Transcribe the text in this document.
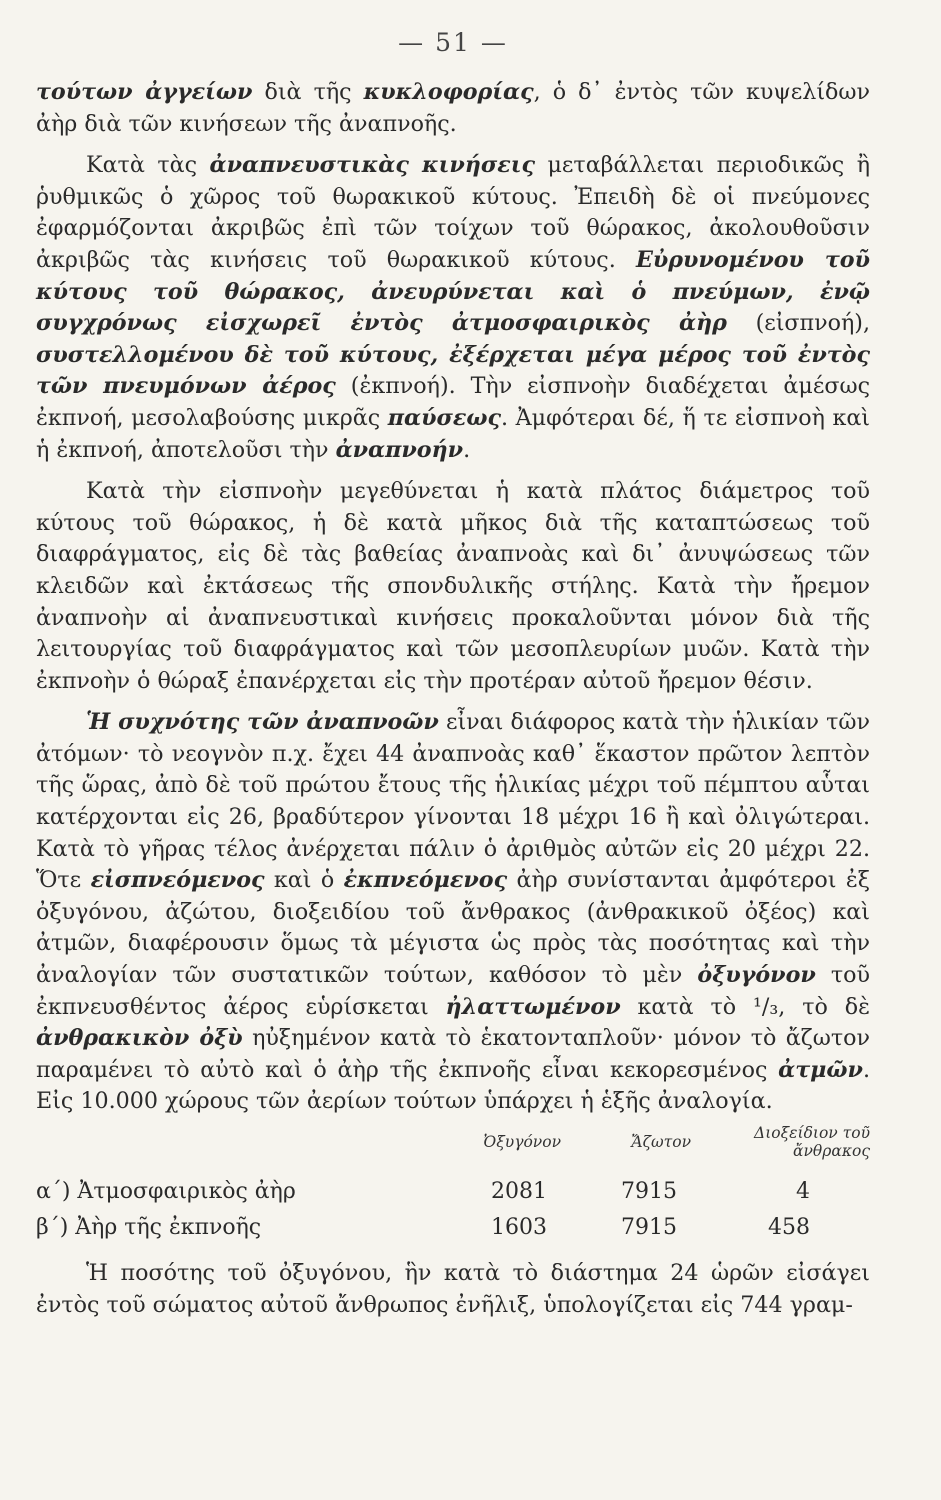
— 51 —

τούτων ἀγγείων διὰ τῆς κυκλοφορίας, ὁ δ᾽ ἐντὸς τῶν κυψελίδων ἀὴρ διὰ τῶν κινήσεων τῆς ἀναπνοῆς.

Κατὰ τὰς ἀναπνευστικὰς κινήσεις μεταβάλλεται περιοδικῶς ἢ ῥυθμικῶς ὁ χῶρος τοῦ θωρακικοῦ κύτους. Ἐπειδὴ δὲ οἱ πνεύμονες ἐφαρμόζονται ἀκριβῶς ἐπὶ τῶν τοίχων τοῦ θώρακος, ἀκολουθοῦσιν ἀκριβῶς τὰς κινήσεις τοῦ θωρακικοῦ κύτους. Εὐρυνομένου τοῦ κύτους τοῦ θώρακος, ἀνευρύνεται καὶ ὁ πνεύμων, ἐνῷ συγχρόνως εἰσχωρεῖ ἐντὸς ἀτμοσφαιρικὸς ἀὴρ (εἰσπνοή), συστελλομένου δὲ τοῦ κύτους, ἐξέρχεται μέγα μέρος τοῦ ἐντὸς τῶν πνευμόνων ἀέρος (ἐκπνοή). Τὴν εἰσπνοὴν διαδέχεται ἀμέσως ἐκπνοή, μεσολαβούσης μικρᾶς παύσεως. Ἀμφότεραι δέ, ἥ τε εἰσπνοὴ καὶ ἡ ἐκπνοή, ἀποτελοῦσι τὴν ἀναπνοήν.

Κατὰ τὴν εἰσπνοὴν μεγεθύνεται ἡ κατὰ πλάτος διάμετρος τοῦ κύτους τοῦ θώρακος, ἡ δὲ κατὰ μῆκος διὰ τῆς καταπτώσεως τοῦ διαφράγματος, εἰς δὲ τὰς βαθείας ἀναπνοὰς καὶ δι᾽ ἀνυψώσεως τῶν κλειδῶν καὶ ἐκτάσεως τῆς σπονδυλικῆς στήλης. Κατὰ τὴν ἤρεμον ἀναπνοὴν αἱ ἀναπνευστικαὶ κινήσεις προκαλοῦνται μόνον διὰ τῆς λειτουργίας τοῦ διαφράγματος καὶ τῶν μεσοπλευρίων μυῶν. Κατὰ τὴν ἐκπνοὴν ὁ θώραξ ἐπανέρχεται εἰς τὴν προτέραν αὐτοῦ ἤρεμον θέσιν.

Ἡ συχνότης τῶν ἀναπνοῶν εἶναι διάφορος κατὰ τὴν ἡλικίαν τῶν ἀτόμων· τὸ νεογνὸν π.χ. ἔχει 44 ἀναπνοὰς καθ᾽ ἕκαστον πρῶτον λεπτὸν τῆς ὥρας, ἀπὸ δὲ τοῦ πρώτου ἔτους τῆς ἡλικίας μέχρι τοῦ πέμπτου αὗται κατέρχονται εἰς 26, βραδύτερον γίνονται 18 μέχρι 16 ἢ καὶ ὀλιγώτεραι. Κατὰ τὸ γῆρας τέλος ἀνέρχεται πάλιν ὁ ἀριθμὸς αὐτῶν εἰς 20 μέχρι 22. Ὅτε εἰσπνεόμενος καὶ ὁ ἐκπνεόμενος ἀὴρ συνίστανται ἀμφότεροι ἐξ ὀξυγόνου, ἀζώτου, διοξειδίου τοῦ ἄνθρακος (ἀνθρακικοῦ ὀξέος) καὶ ἀτμῶν, διαφέρουσιν ὅμως τὰ μέγιστα ὡς πρὸς τὰς ποσότητας καὶ τὴν ἀναλογίαν τῶν συστατικῶν τούτων, καθόσον τὸ μὲν ὀξυγόνον τοῦ ἐκπνευσθέντος ἀέρος εὑρίσκεται ἠλαττωμένον κατὰ τὸ ¹/₃, τὸ δὲ ἀνθρακικὸν ὀξὺ ηὐξημένον κατὰ τὸ ἑκατονταπλοῦν· μόνον τὸ ἄζωτον παραμένει τὸ αὐτὸ καὶ ὁ ἀὴρ τῆς ἐκπνοῆς εἶναι κεκορεσμένος ἀτμῶν. Εἰς 10.000 χώρους τῶν ἀερίων τούτων ὑπάρχει ἡ ἑξῆς ἀναλογία.

	Ὀξυγόνον	Ἄζωτον	Διοξείδιον τοῦ ἄνθρακος
α΄) Ἀτμοσφαιρικὸς ἀὴρ	2081	7915	4
β΄) Ἀὴρ τῆς ἐκπνοῆς	1603	7915	458

Ἡ ποσότης τοῦ ὀξυγόνου, ἣν κατὰ τὸ διάστημα 24 ὡρῶν εἰσάγει ἐντὸς τοῦ σώματος αὐτοῦ ἄνθρωπος ἐνῆλιξ, ὑπολογίζεται εἰς 744 γραμ-
